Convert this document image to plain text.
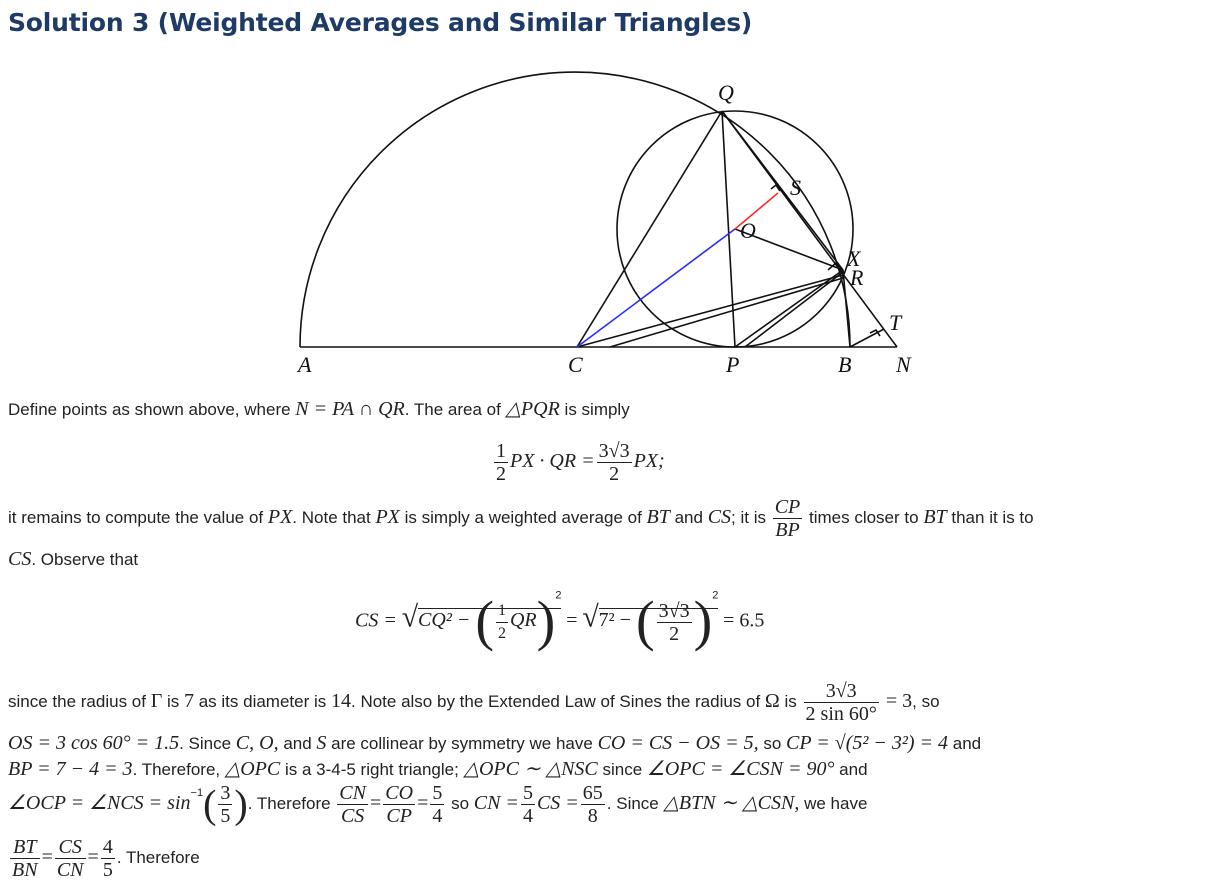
Solution 3 (Weighted Averages and Similar Triangles)
A	C	P	B N
Q
S
O
X
R
T
Define points as shown above, where N = PA ∩ QR. The area of △PQR is simply
$\frac{1}{2}$ PX · QR = $\frac{3√3}{2}$ PX;
it remains to compute the value of PX. Note that PX is simply a weighted average of BT and CS; it is $\frac{CP}{BP}$ times closer to BT than it is to
CS. Observe that
CS = √CQ² − ( $\frac{1}{2} QR)^2 = √7^2$ − ( $\frac{3√3}{2} )^2 = 6.5$
since the radius of Γ is 7 as its diameter is 14. Note also by the Extended Law of Sines the radius of Ω is $\frac{3√3}{2 \sin 60^\circ} = 3$, so
OS = 3 cos 60° = 1.5. Since C, O, and S are collinear by symmetry we have CO = CS − OS = 5, so CP = √(5² − 3²) = 4 and
BP = 7 − 4 = 3. Therefore, △OPC is a 3-4-5 right triangle; △OPC ∼ △NSC since ∠OPC = ∠CSN = 90° and
∠OCP = ∠NCS = $\sin^{-1}( \frac{3}{5}$ ). Therefore $\frac{CN}{CS} = \frac{CO}{CP} = \frac{5}{4}$ so CN = $\frac{5}{4}$ CS = $\frac{65}{8}$ . Since △BTN ∼ △CSN, we have
$\frac{BT}{BN} = \frac{CS}{CN} = \frac{4}{5}$ . Therefore
